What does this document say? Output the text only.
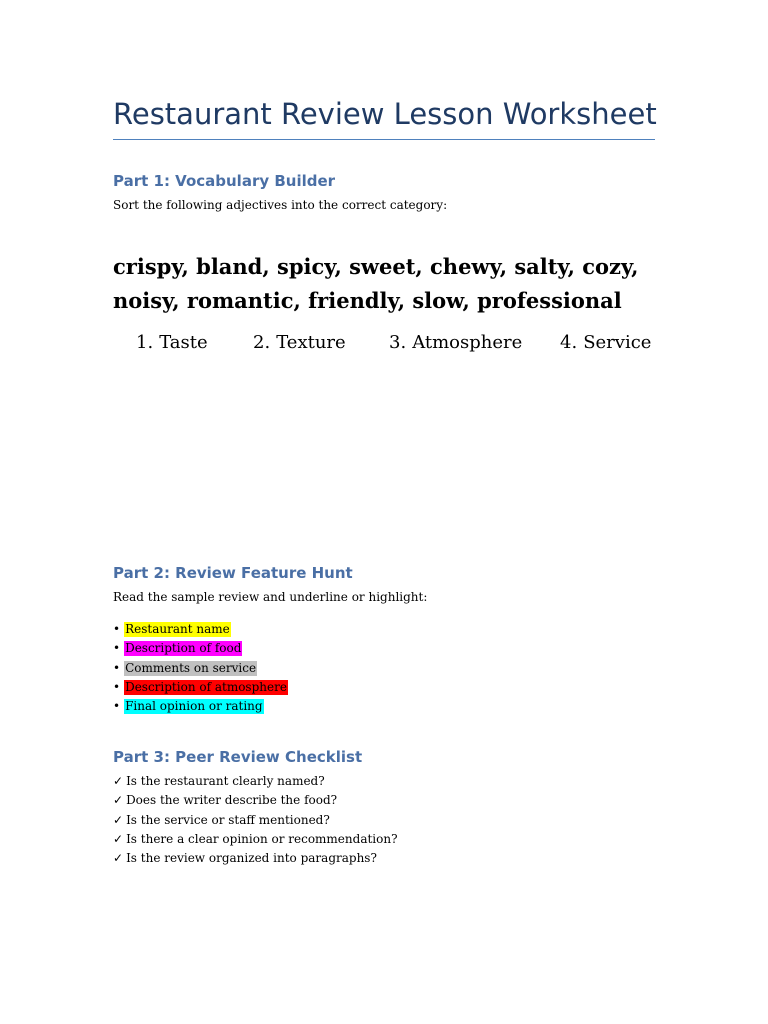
Restaurant Review Lesson Worksheet
Part 1: Vocabulary Builder

Sort the following adjectives into the correct category:

crispy, bland, spicy, sweet, chewy, salty, cozy,
noisy, romantic, friendly, slow, professional
1. Taste	2. Texture 3. Atmosphere 4. Service
Part 2: Review Feature Hunt

Read the sample review and underline or highlight:

• Restaurant name
• Description of food
• Comments on service
• Description of atmosphere
• Final opinion or rating
Part 3: Peer Review Checklist
✓ Is the restaurant clearly named?
✓ Does the writer describe the food?
✓ Is the service or staff mentioned?
✓ Is there a clear opinion or recommendation?
✓ Is the review organized into paragraphs?
